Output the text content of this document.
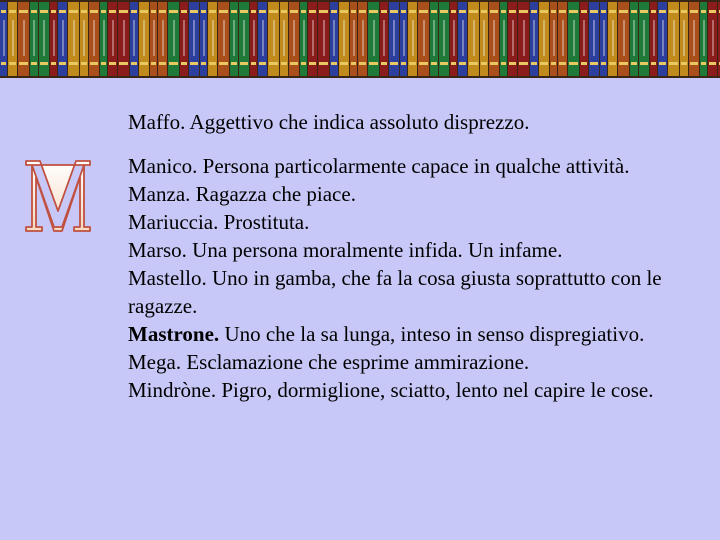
Maffo. Aggettivo che indica assoluto disprezzo.

Manico. Persona particolarmente capace in qualche attività.

Manza. Ragazza che piace.

Mariuccia. Prostituta.

Marso. Una persona moralmente infida. Un infame.

Mastello. Uno in gamba, che fa la cosa giusta soprattutto con le ragazze.

Mastrone. Uno che la sa lunga, inteso in senso dispregiativo.

Mega. Esclamazione che esprime ammirazione.

Mindròne. Pigro, dormiglione, sciatto, lento nel capire le cose.
